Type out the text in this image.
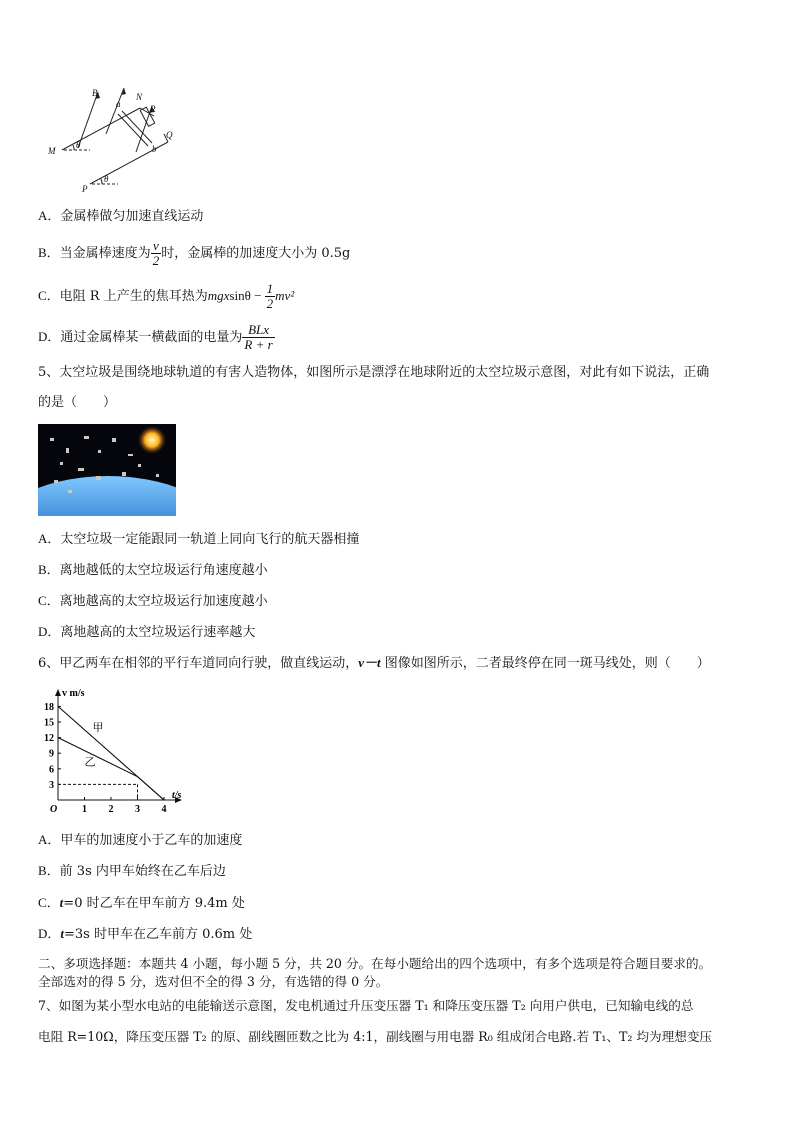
B
a
N
R
Q
b
M
P
θ
θ
A．金属棒做匀加速直线运动
B．当金属棒速度为 $\frac{v}{2}$ 时，金属棒的加速度大小为 0.5g
C．电阻 R 上产生的焦耳热为$mgxsin\theta - \frac{1}{2} mv^2$
D．通过金属棒某一横截面的电量为 $\frac{\text{BLx}}{R + r}$
5、太空垃圾是围绕地球轨道的有害人造物体，如图所示是漂浮在地球附近的太空垃圾示意图，对此有如下说法，正确
的是（　　）
A．太空垃圾一定能跟同一轨道上同向飞行的航天器相撞
B．离地越低的太空垃圾运行角速度越小
C．离地越高的太空垃圾运行加速度越小
D．离地越高的太空垃圾运行速率越大
6、甲乙两车在相邻的平行车道同向行驶，做直线运动，v－t 图像如图所示，二者最终停在同一斑马线处，则（　　）
v m/s
t/s
O
18
15
12
9
6
3
1 2 3 4
甲
乙
A．甲车的加速度小于乙车的加速度
B．前 3s 内甲车始终在乙车后边
C．t=0 时乙车在甲车前方 9.4m 处
D．t=3s 时甲车在乙车前方 0.6m 处
二、多项选择题：本题共 4 小题，每小题 5 分，共 20 分。在每小题给出的四个选项中，有多个选项是符合题目要求的。
全部选对的得 5 分，选对但不全的得 3 分，有选错的得 0 分。
7、如图为某小型水电站的电能输送示意图，发电机通过升压变压器 T₁ 和降压变压器 T₂ 向用户供电，已知输电线的总
电阻 R=10Ω，降压变压器 T₂ 的原、副线圈匝数之比为 4:1，副线圈与用电器 R₀ 组成闭合电路.若 T₁、T₂ 均为理想变压
